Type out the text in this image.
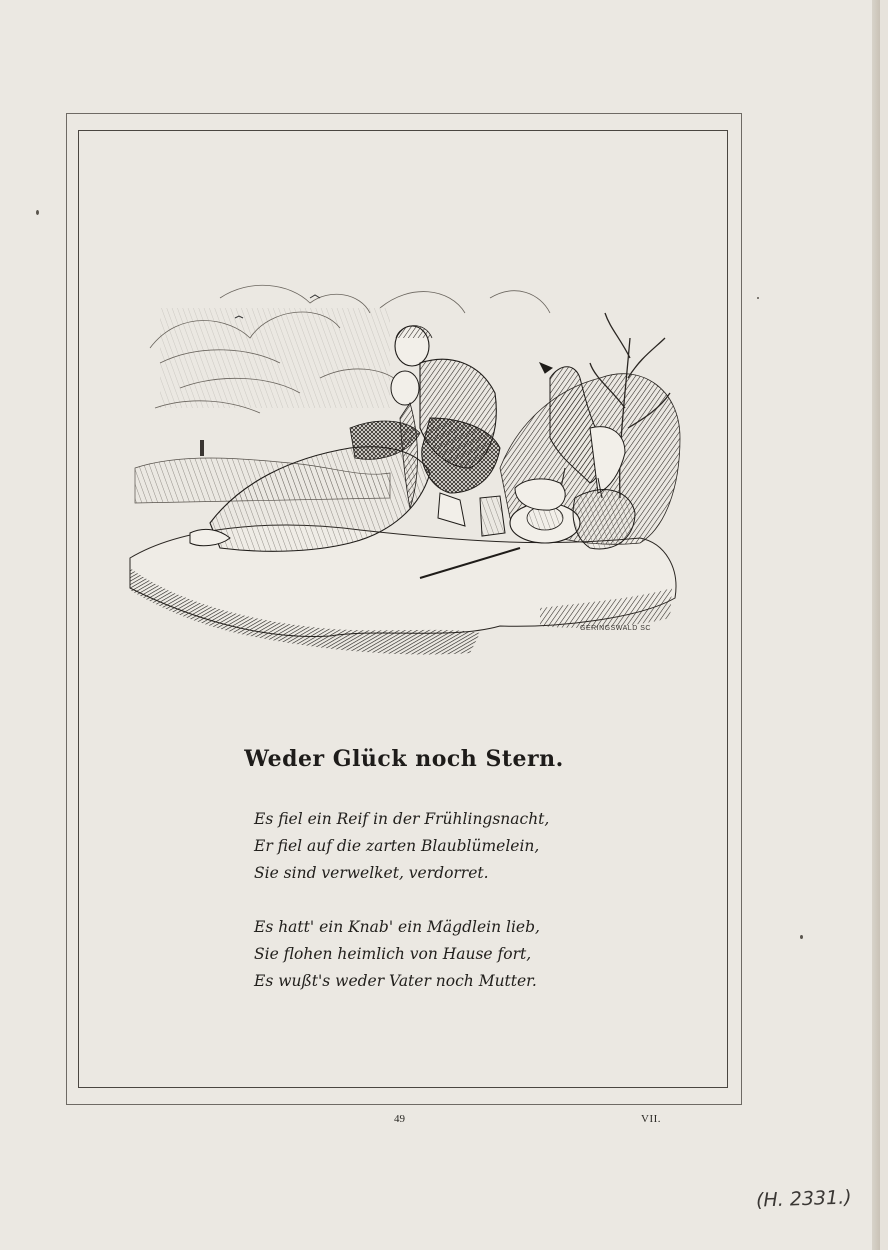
GERINGSWALD SC
Weder Glück noch Stern.
Es fiel ein Reif in der Frühlingsnacht,
Er fiel auf die zarten Blaublümelein,
Sie sind verwelket, verdorret.
Es hatt' ein Knab' ein Mägdlein lieb,
Sie flohen heimlich von Hause fort,
Es wußt's weder Vater noch Mutter.
49	VII.
(H. 2331.)
